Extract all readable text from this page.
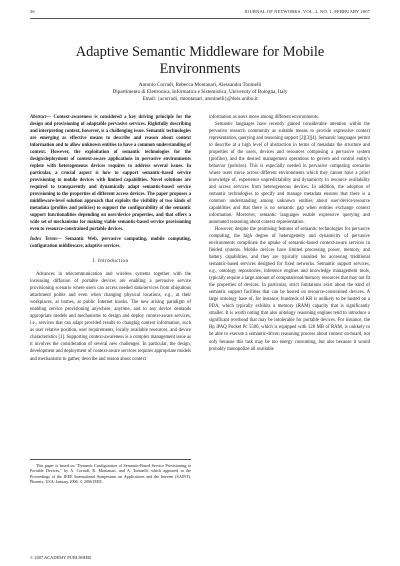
36	JOURNAL OF NETWORKS, VOL. 2, NO. 1, FEBRUARY 2007
Adaptive Semantic Middleware for Mobile
Environments
Antonio Corradi, Rebecca Montanari, Alessandra Toninelli
Dipartimento di Elettronica, Informatica e Sistemistica, University of Bologna, Italy
Email: {acorradi, rmontanari, atoninelli}@deis.unibo.it

Abstract— Context-awareness is considered a key driving principle for the design and provisioning of adaptable pervasive services. Rightfully describing and interpreting context, however, is a challenging issue. Semantic technologies are emerging as effective means to describe and reason about context information and to allow unknown entities to have a common understanding of context. However, the exploitation of semantic technologies for the design/deployment of context-aware applications in pervasive environments replete with heterogeneous devices requires to address several issues. In particular, a crucial aspect is how to support semantic-based service provisioning to mobile devices with limited capabilities. Novel solutions are required to transparently and dynamically adapt semantic-based service provisioning to the properties of different access devices. The paper proposes a middleware-level solution approach that exploits the visibility of two kinds of metadata (profiles and policies) to support the configurability of the semantic support functionalities depending on user/device properties, and that offers a wide set of mechanisms for making viable semantic-based service provisioning even to resource-constrained portable devices.

Index Terms— Semantic Web, pervasive computing, mobile computing, configuration middleware, adaptive services.

I. Introduction

Advances in telecommunication and wireless systems together with the increasing diffusion of portable devices are enabling a pervasive service provisioning scenario where users can access needed data/services from ubiquitous attachment points and even when changing physical locations, e.g., at their workplaces, at homes, at public Internet kiosks. The new arising paradigm of enabling service provisioning anywhere, anytime, and to any device demands appropriate models and mechanisms to design and deploy context-aware services, i.e., services that can adapt provided results to changing context information, such as user relative position, user requirements, locally available resources, and device characteristics [1]. Supporting context-awareness is a complex management issue as it involves the consideration of several new challenges. In particular, the design, development and deployment of context-aware services requires appropriate models and mechanisms to gather, describe and reason about context

information as users move among different environments.

Semantic languages have recently gained considerable attention within the pervasive research community as suitable means to provide expressive context representation, querying and reasoning support [2][3][4]. Semantic languages permit to describe at a high level of abstraction in terms of metadata the structure and properties of the users, devices and resources composing a pervasive system (profiles), and the desired management operations to govern and control entity's behavior (policies). This is especially needed in pervasive computing scenarios where users move across different environments which they cannot have a priori knowledge of, experience unpredictability and dynamicity in resource availability and access services from heterogeneous devices. In addition, the adoption of semantic technologies to specify and manage metadata ensures that there is a common understanding among unknown entities about user/device/resource capabilities and that there is no semantic gap when entities exchange context information. Moreover, semantic languages enable expressive querying and automated reasoning about context representation.

However, despite the promising features of semantic technologies for pervasive computing, the high degree of heterogeneity and dynamicity of pervasive environments complicate the uptake of semantic-based context-aware services in fielded systems. Mobile devices have limited processing power, memory, and battery capabilities, and they are typically unsuited for accessing traditional semantic-based services designed for fixed networks. Semantic support services, e.g., ontology repositories, inference engines and knowledge management tools, typically require a large amount of computational/memory resources that may not fit the properties of devices. In particular, strict limitations exist about the kind of semantic support facilities that can be hosted on resource-constrained devices. A large ontology base of, for instance, hundreds of KB is unlikely to be hosted on a PDA, which typically exhibits a memory (RAM) capacity that is significantly smaller. It is worth noting that also ontology reasoning engines tend to introduce a significant overhead that may be intolerable for portable devices. For instance, the Hp iPAQ Pocket Pc 5500, which is equipped with 128 MB of RAM, is unlikely to be able to execute a semantic-driven reasoning process about context on-board, not only because this task may be too energy consuming, but also because it would probably monopolize all available

This paper is based on "Dynamic Configuration of Semantic-Based Service Provisioning to Portable Devices," by A. Corradi, R. Montanari, and A. Toninelli, which appeared in the Proceedings of the IEEE International Symposium on Applications and the Internet (SAINT), Phoenix, USA, January 2006. © 2006 IEEE.

© 2007 ACADEMY PUBLISHER
